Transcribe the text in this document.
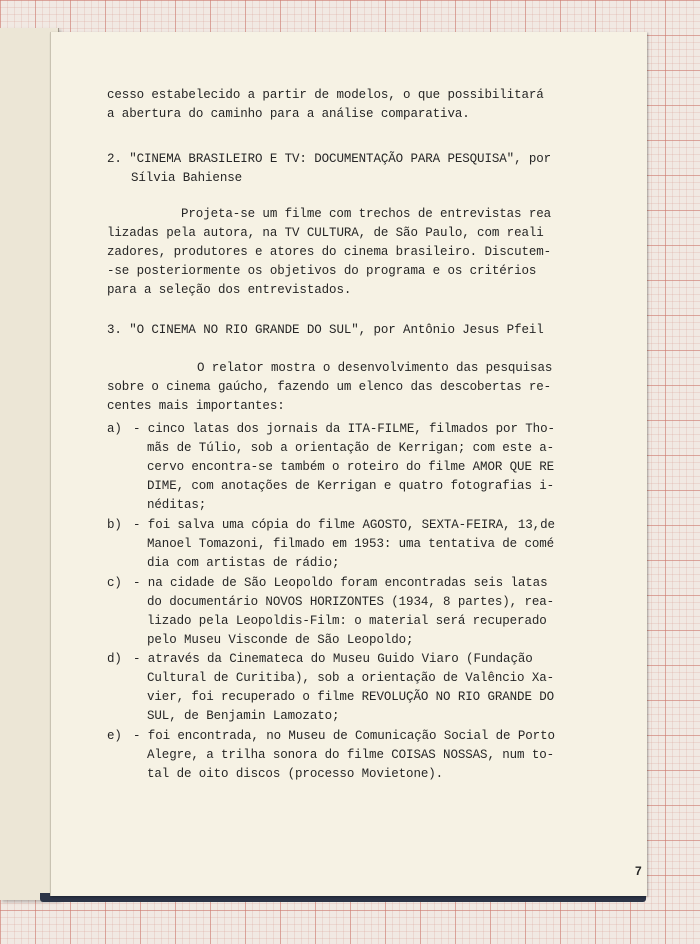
cesso estabelecido a partir de modelos, o que possibilitará
a abertura do caminho para a análise comparativa.
2. "CINEMA BRASILEIRO E TV: DOCUMENTAÇÃO PARA PESQUISA", por
Sílvia Bahiense
Projeta-se um filme com trechos de entrevistas rea
lizadas pela autora, na TV CULTURA, de São Paulo, com reali
zadores, produtores e atores do cinema brasileiro. Discutem-
-se posteriormente os objetivos do programa e os critérios
para a seleção dos entrevistados.
3. "O CINEMA NO RIO GRANDE DO SUL", por Antônio Jesus Pfeil
O relator mostra o desenvolvimento das pesquisas
sobre o cinema gaúcho, fazendo um elenco das descobertas re-
centes mais importantes:
a) - cinco latas dos jornais da ITA-FILME, filmados por Tho-
mãs de Túlio, sob a orientação de Kerrigan; com este a-
cervo encontra-se também o roteiro do filme AMOR QUE RE
DIME, com anotações de Kerrigan e quatro fotografias i-
néditas;
b) - foi salva uma cópia do filme AGOSTO, SEXTA-FEIRA, 13,de
Manoel Tomazoni, filmado em 1953: uma tentativa de comé
dia com artistas de rádio;
c) - na cidade de São Leopoldo foram encontradas seis latas
do documentário NOVOS HORIZONTES (1934, 8 partes), rea-
lizado pela Leopoldis-Film: o material será recuperado
pelo Museu Visconde de São Leopoldo;
d) - através da Cinemateca do Museu Guido Viaro (Fundação
Cultural de Curitiba), sob a orientação de Valêncio Xa-
vier, foi recuperado o filme REVOLUÇÃO NO RIO GRANDE DO
SUL, de Benjamin Lamozato;
e) - foi encontrada, no Museu de Comunicação Social de Porto
Alegre, a trilha sonora do filme COISAS NOSSAS, num to-
tal de oito discos (processo Movietone).
7
